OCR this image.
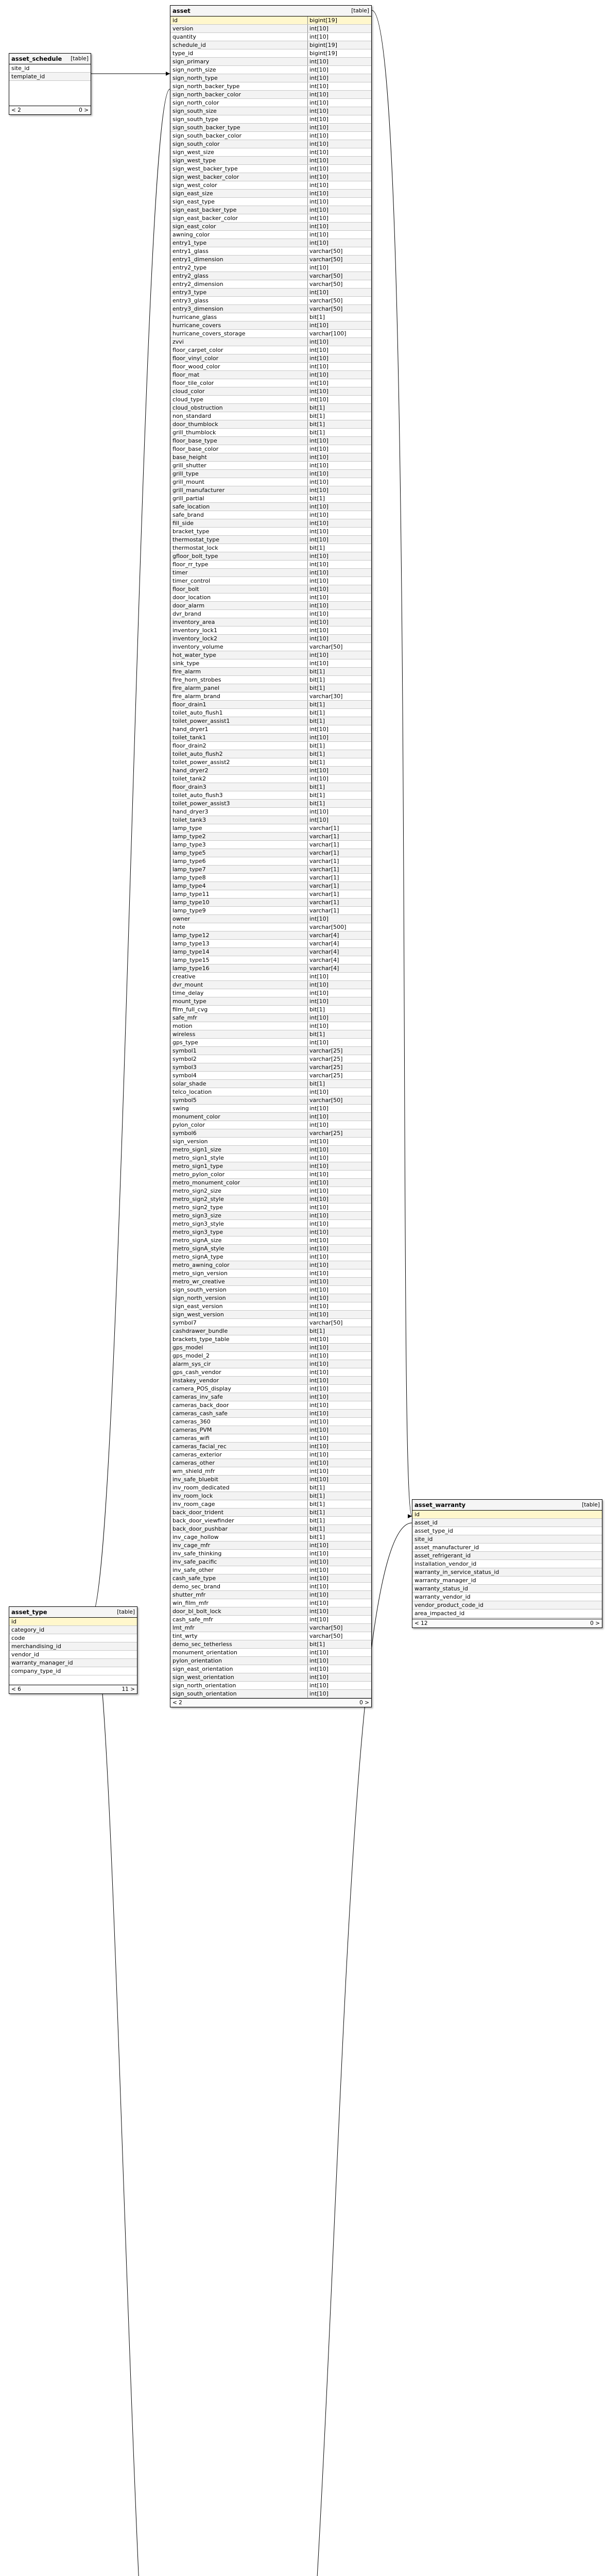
asset_schedule [table]
site_id
template_id
< 2	0 >
asset	[table]
id	bigint[19]
version	int[10]
quantity	int[10]
schedule_id	bigint[19]
type_id	bigint[19]
sign_primary	int[10]
sign_north_size	int[10]
sign_north_type	int[10]
sign_north_backer_type	int[10]
sign_north_backer_color	int[10]
sign_north_color	int[10]
sign_south_size	int[10]
sign_south_type	int[10]
sign_south_backer_type	int[10]
sign_south_backer_color	int[10]
sign_south_color	int[10]
sign_west_size	int[10]
sign_west_type	int[10]
sign_west_backer_type	int[10]
sign_west_backer_color	int[10]
sign_west_color	int[10]
sign_east_size	int[10]
sign_east_type	int[10]
sign_east_backer_type	int[10]
sign_east_backer_color	int[10]
sign_east_color	int[10]
awning_color	int[10]
entry1_type	int[10]
entry1_glass	varchar[50]
entry1_dimension	varchar[50]
entry2_type	int[10]
entry2_glass	varchar[50]
entry2_dimension	varchar[50]
entry3_type	int[10]
entry3_glass	varchar[50]
entry3_dimension	varchar[50]
hurricane_glass	bit[1]
hurricane_covers	int[10]
hurricane_covers_storage	varchar[100]
zvvi	int[10]
floor_carpet_color	int[10]
floor_vinyl_color	int[10]
floor_wood_color	int[10]
floor_mat	int[10]
floor_tile_color	int[10]
cloud_color	int[10]
cloud_type	int[10]
cloud_obstruction	bit[1]
non_standard	bit[1]
door_thumblock	bit[1]
grill_thumblock	bit[1]
floor_base_type	int[10]
floor_base_color	int[10]
base_height	int[10]
grill_shutter	int[10]
grill_type	int[10]
grill_mount	int[10]
grill_manufacturer	int[10]
grill_partial	bit[1]
safe_location	int[10]
safe_brand	int[10]
fill_side	int[10]
bracket_type	int[10]
thermostat_type	int[10]
thermostat_lock	bit[1]
gfloor_bolt_type	int[10]
floor_rr_type	int[10]
timer	int[10]
timer_control	int[10]
floor_bolt	int[10]
door_location	int[10]
door_alarm	int[10]
dvr_brand	int[10]
inventory_area	int[10]
inventory_lock1	int[10]
inventory_lock2	int[10]
inventory_volume	varchar[50]
hot_water_type	int[10]
sink_type	int[10]
fire_alarm	bit[1]
fire_horn_strobes	bit[1]
fire_alarm_panel	bit[1]
fire_alarm_brand	varchar[30]
floor_drain1	bit[1]
toilet_auto_flush1	bit[1]
toilet_power_assist1	bit[1]
hand_dryer1	int[10]
toilet_tank1	int[10]
floor_drain2	bit[1]
toilet_auto_flush2	bit[1]
toilet_power_assist2	bit[1]
hand_dryer2	int[10]
toilet_tank2	int[10]
floor_drain3	bit[1]
toilet_auto_flush3	bit[1]
toilet_power_assist3	bit[1]
hand_dryer3	int[10]
toilet_tank3	int[10]
lamp_type	varchar[1]
lamp_type2	varchar[1]
lamp_type3	varchar[1]
lamp_type5	varchar[1]
lamp_type6	varchar[1]
lamp_type7	varchar[1]
lamp_type8	varchar[1]
lamp_type4	varchar[1]
lamp_type11	varchar[1]
lamp_type10	varchar[1]
lamp_type9	varchar[1]
owner	int[10]
note	varchar[500]
lamp_type12	varchar[4]
lamp_type13	varchar[4]
lamp_type14	varchar[4]
lamp_type15	varchar[4]
lamp_type16	varchar[4]
creative	int[10]
dvr_mount	int[10]
time_delay	int[10]
mount_type	int[10]
film_full_cvg	bit[1]
safe_mfr	int[10]
motion	int[10]
wireless	bit[1]
gps_type	int[10]
symbol1	varchar[25]
symbol2	varchar[25]
symbol3	varchar[25]
symbol4	varchar[25]
solar_shade	bit[1]
telco_location	int[10]
symbol5	varchar[50]
swing	int[10]
monument_color	int[10]
pylon_color	int[10]
symbol6	varchar[25]
sign_version	int[10]
metro_sign1_size	int[10]
metro_sign1_style	int[10]
metro_sign1_type	int[10]
metro_pylon_color	int[10]
metro_monument_color	int[10]
metro_sign2_size	int[10]
metro_sign2_style	int[10]
metro_sign2_type	int[10]
metro_sign3_size	int[10]
metro_sign3_style	int[10]
metro_sign3_type	int[10]
metro_signA_size	int[10]
metro_signA_style	int[10]
metro_signA_type	int[10]
metro_awning_color	int[10]
metro_sign_version	int[10]
metro_wr_creative	int[10]
sign_south_version	int[10]
sign_north_version	int[10]
sign_east_version	int[10]
sign_west_version	int[10]
symbol7	varchar[50]
cashdrawer_bundle	bit[1]
brackets_type_table	int[10]
gps_model	int[10]
gps_model_2	int[10]
alarm_sys_cir	int[10]
gps_cash_vendor	int[10]
instakey_vendor	int[10]
camera_POS_display	int[10]
cameras_inv_safe	int[10]
cameras_back_door	int[10]
cameras_cash_safe	int[10]
cameras_360	int[10]
cameras_PVM	int[10]
cameras_wifi	int[10]
cameras_facial_rec	int[10]
cameras_exterior	int[10]
cameras_other	int[10]
wm_shield_mfr	int[10]
inv_safe_bluebit	int[10]
inv_room_dedicated	bit[1]
inv_room_lock	bit[1]
inv_room_cage	bit[1]
back_door_trident	bit[1]
back_door_viewfinder	bit[1]
back_door_pushbar	bit[1]
inv_cage_hollow	bit[1]
inv_cage_mfr	int[10]
inv_safe_thinking	int[10]
inv_safe_pacific	int[10]
inv_safe_other	int[10]
cash_safe_type	int[10]
demo_sec_brand	int[10]
shutter_mfr	int[10]
win_film_mfr	int[10]
door_bl_bolt_lock	int[10]
cash_safe_mfr	int[10]
lmt_mfr	varchar[50]
tint_wrty	varchar[50]
demo_sec_tetherless	bit[1]
monument_orientation	int[10]
pylon_orientation	int[10]
sign_east_orientation	int[10]
sign_west_orientation	int[10]
sign_north_orientation	int[10]
sign_south_orientation	int[10]
< 2	0 >
asset_warranty	[table]
id
asset_id
asset_type_id
site_id
asset_manufacturer_id
asset_refrigerant_id
installation_vendor_id
warranty_in_service_status_id
warranty_manager_id
warranty_status_id
warranty_vendor_id
vendor_product_code_id
area_impacted_id
< 12	0 >
asset_type	[table]
id
category_id
code
merchandising_id
vendor_id
warranty_manager_id
company_type_id
< 6	11 >
